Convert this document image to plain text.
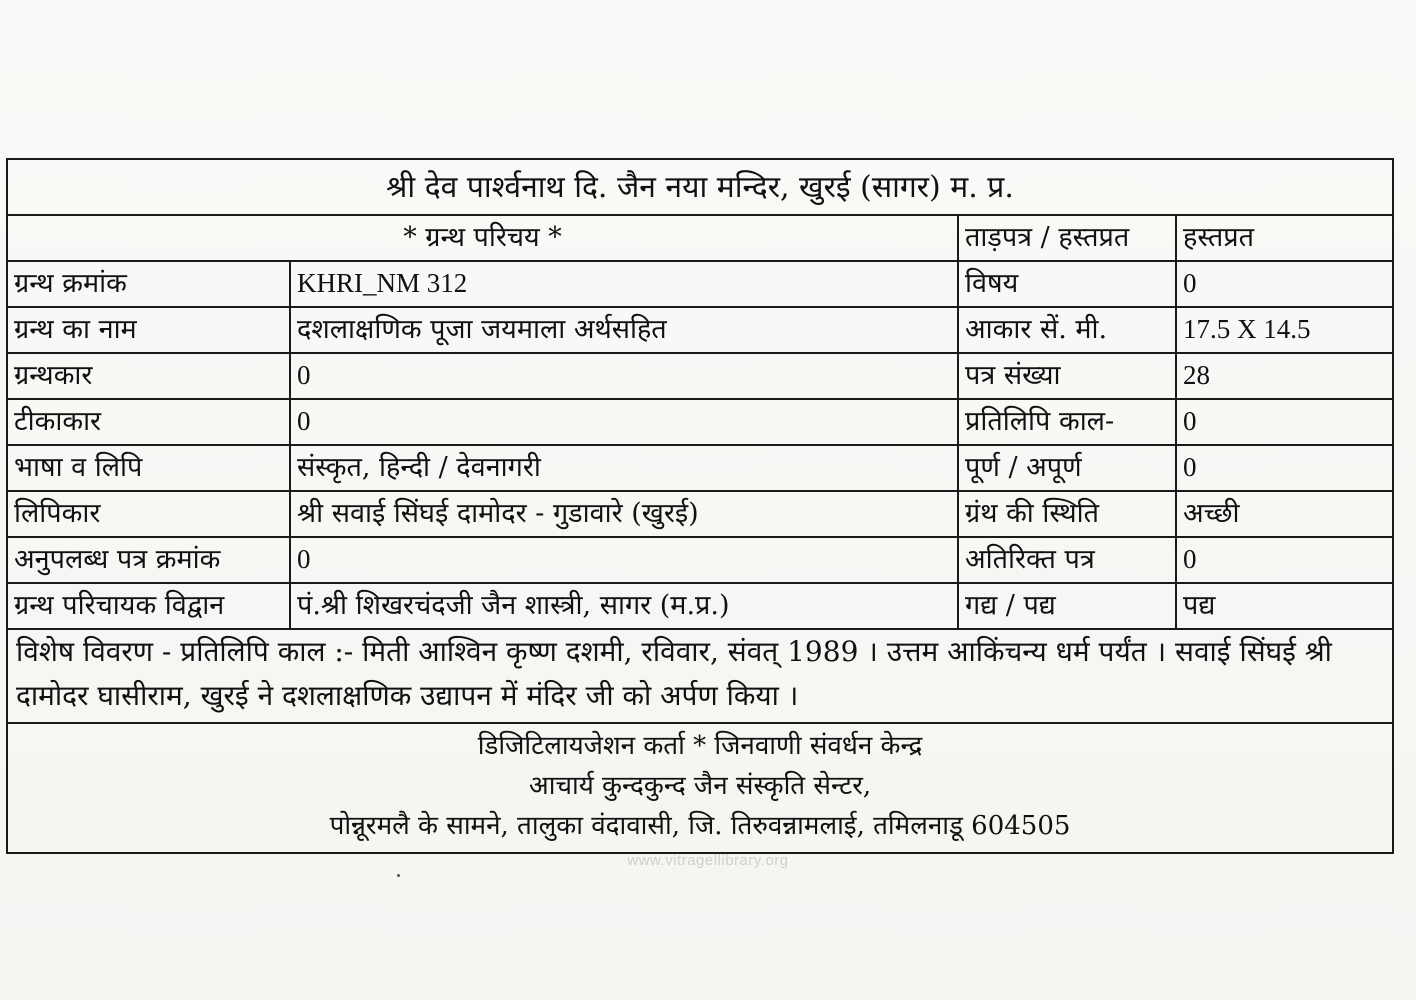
श्री देव पार्श्वनाथ दि. जैन नया मन्दिर, खुरई (सागर) म. प्र.			
* ग्रन्थ परिचय *		ताड़पत्र / हस्तप्रत	हस्तप्रत
ग्रन्थ क्रमांक	KHRI_NM 312	विषय	0
ग्रन्थ का नाम	दशलाक्षणिक पूजा जयमाला अर्थसहित	आकार सें. मी.	17.5 X 14.5
ग्रन्थकार	0	पत्र संख्या	28
टीकाकार	0	प्रतिलिपि काल-	0
भाषा व लिपि	संस्कृत, हिन्दी / देवनागरी	पूर्ण / अपूर्ण	0
लिपिकार	श्री सवाई सिंघई दामोदर - गुडावारे (खुरई)	ग्रंथ की स्थिति	अच्छी
अनुपलब्ध पत्र क्रमांक	0	अतिरिक्त पत्र	0
ग्रन्थ परिचायक विद्वान	पं.श्री शिखरचंदजी जैन शास्त्री, सागर (म.प्र.)	गद्य / पद्य	पद्य
विशेष विवरण - प्रतिलिपि काल :- मिती आश्विन कृष्ण दशमी, रविवार, संवत् 1989 । उत्तम आकिंचन्य धर्म पर्यंत । सवाई सिंघई श्री दामोदर घासीराम, खुरई ने दशलाक्षणिक उद्यापन में मंदिर जी को अर्पण किया ।			

डिजिटिलायजेशन कर्ता * जिनवाणी संवर्धन केन्द्र
आचार्य कुन्दकुन्द जैन संस्कृति सेन्टर,
पोन्नूरमलै के सामने, तालुका वंदावासी, जि. तिरुवन्नामलाई, तमिलनाडू 604505			
www.vitragellibrary.org
